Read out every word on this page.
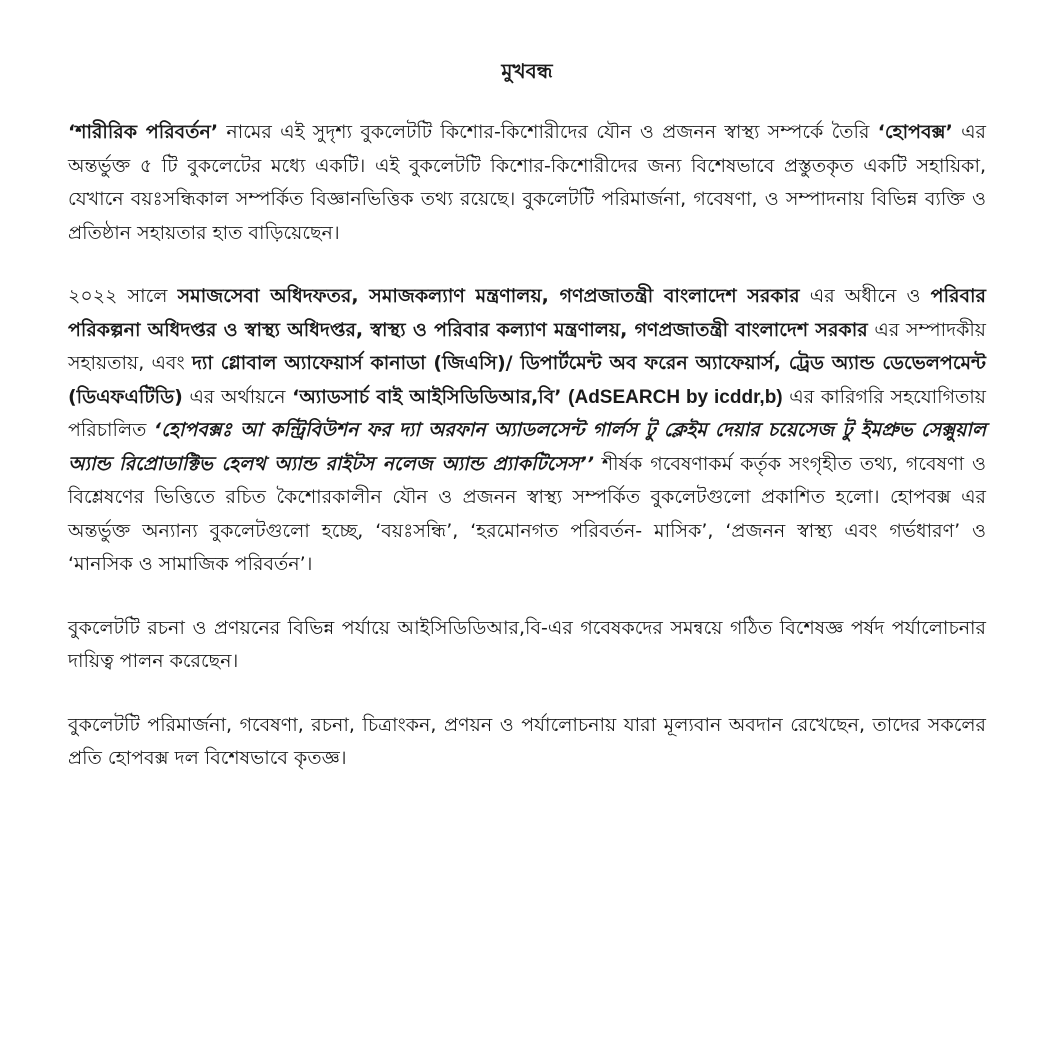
মুখবন্ধ

‘শারীরিক পরিবর্তন’ নামের এই সুদৃশ্য বুকলেটটি কিশোর-কিশোরীদের যৌন ও প্রজনন স্বাস্থ্য সম্পর্কে তৈরি ‘হোপবক্স’ এর অন্তর্ভুক্ত ৫ টি বুকলেটের মধ্যে একটি। এই বুকলেটটি কিশোর-কিশোরীদের জন্য বিশেষভাবে প্রস্তুতকৃত একটি সহায়িকা, যেখানে বয়ঃসন্ধিকাল সম্পর্কিত বিজ্ঞানভিত্তিক তথ্য রয়েছে। বুকলেটটি পরিমার্জনা, গবেষণা, ও সম্পাদনায় বিভিন্ন ব্যক্তি ও প্রতিষ্ঠান সহায়তার হাত বাড়িয়েছেন।

২০২২ সালে সমাজসেবা অধিদফতর, সমাজকল্যাণ মন্ত্রণালয়, গণপ্রজাতন্ত্রী বাংলাদেশ সরকার এর অধীনে ও পরিবার পরিকল্পনা অধিদপ্তর ও স্বাস্থ্য অধিদপ্তর, স্বাস্থ্য ও পরিবার কল্যাণ মন্ত্রণালয়, গণপ্রজাতন্ত্রী বাংলাদেশ সরকার এর সম্পাদকীয় সহায়তায়, এবং দ্যা গ্লোবাল অ্যাফেয়ার্স কানাডা (জিএসি)/ ডিপার্টমেন্ট অব ফরেন অ্যাফেয়ার্স, ট্রেড অ্যান্ড ডেভেলপমেন্ট (ডিএফএটিডি) এর অর্থায়নে ‘অ্যাডসার্চ বাই আইসিডিডিআর,বি’ (AdSEARCH by icddr,b) এর কারিগরি সহযোগিতায় পরিচালিত ‘হোপবক্সঃ আ কন্ট্রিবিউশন ফর দ্যা অরফান অ্যাডলসেন্ট গার্লস টু ক্লেইম দেয়ার চয়েসেজ টু ইমপ্রুভ সেক্সুয়াল অ্যান্ড রিপ্রোডাক্টিভ হেলথ অ্যান্ড রাইটস নলেজ অ্যান্ড প্র্যাকটিসেস’’ শীর্ষক গবেষণাকর্ম কর্তৃক সংগৃহীত তথ্য, গবেষণা ও বিশ্লেষণের ভিত্তিতে রচিত কৈশোরকালীন যৌন ও প্রজনন স্বাস্থ্য সম্পর্কিত বুকলেটগুলো প্রকাশিত হলো। হোপবক্স এর অন্তর্ভুক্ত অন্যান্য বুকলেটগুলো হচ্ছে, ‘বয়ঃসন্ধি’, ‘হরমোনগত পরিবর্তন- মাসিক’, ‘প্রজনন স্বাস্থ্য এবং গর্ভধারণ’ ও ‘মানসিক ও সামাজিক পরিবর্তন’।

বুকলেটটি রচনা ও প্রণয়নের বিভিন্ন পর্যায়ে আইসিডিডিআর,বি-এর গবেষকদের সমন্বয়ে গঠিত বিশেষজ্ঞ পর্ষদ পর্যালোচনার দায়িত্ব পালন করেছেন।

বুকলেটটি পরিমার্জনা, গবেষণা, রচনা, চিত্রাংকন, প্রণয়ন ও পর্যালোচনায় যারা মূল্যবান অবদান রেখেছেন, তাদের সকলের প্রতি হোপবক্স দল বিশেষভাবে কৃতজ্ঞ।
